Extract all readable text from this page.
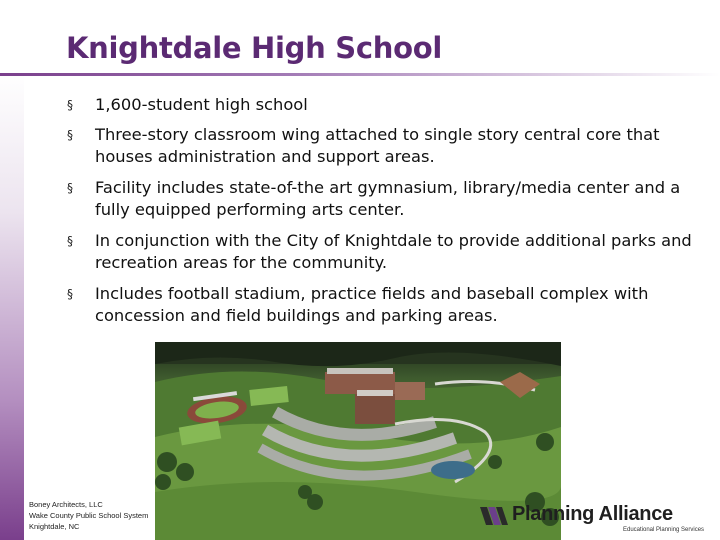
Knightdale High School
§ 1,600-student high school
§ Three-story classroom wing attached to single story central core that houses administration and support areas.
§ Facility includes state-of-the art gymnasium, library/media center and a fully equipped performing arts center.
§ In conjunction with the City of Knightdale to provide additional parks and recreation areas for the community.
§ Includes football stadium, practice fields and baseball complex with concession and field buildings and parking areas.
Boney Architects, LLC
Wake County Public School System
Knightdale, NC
Planning Alliance
Educational Planning Services
